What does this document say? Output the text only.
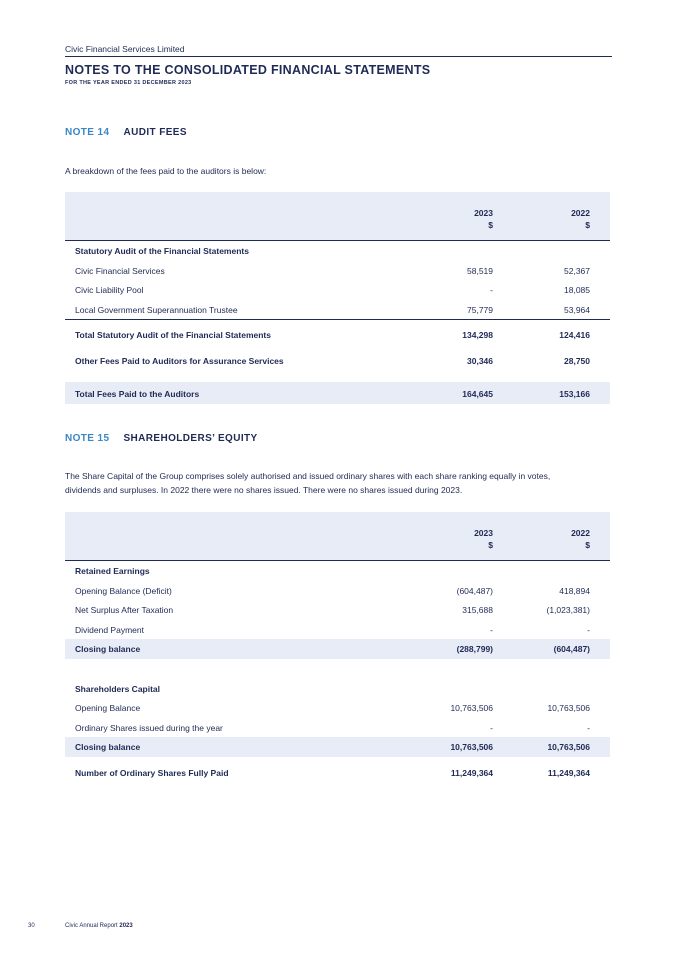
Civic Financial Services Limited
NOTES TO THE CONSOLIDATED FINANCIAL STATEMENTS
FOR THE YEAR ENDED 31 DECEMBER 2023
NOTE 14 AUDIT FEES
A breakdown of the fees paid to the auditors is below:
2023
$
2022
$
Statutory Audit of the Financial Statements
Civic Financial Services	58,519	52,367
Civic Liability Pool	-	18,085
Local Government Superannuation Trustee	75,779	53,964
Total Statutory Audit of the Financial Statements	134,298	124,416
Other Fees Paid to Auditors for Assurance Services	30,346	28,750
Total Fees Paid to the Auditors	164,645	153,166
NOTE 15 SHAREHOLDERS’ EQUITY
The Share Capital of the Group comprises solely authorised and issued ordinary shares with each share ranking equally in votes,
dividends and surpluses. In 2022 there were no shares issued. There were no shares issued during 2023.
2023
$
2022
$
Retained Earnings
Opening Balance (Deficit)	(604,487)	418,894
Net Surplus After Taxation	315,688	(1,023,381)
Dividend Payment	-	-
Closing balance	(288,799)	(604,487)
Shareholders Capital
Opening Balance	10,763,506	10,763,506
Ordinary Shares issued during the year	-	-
Closing balance	10,763,506	10,763,506
Number of Ordinary Shares Fully Paid	11,249,364	11,249,364
30	Civic Annual Report 2023
